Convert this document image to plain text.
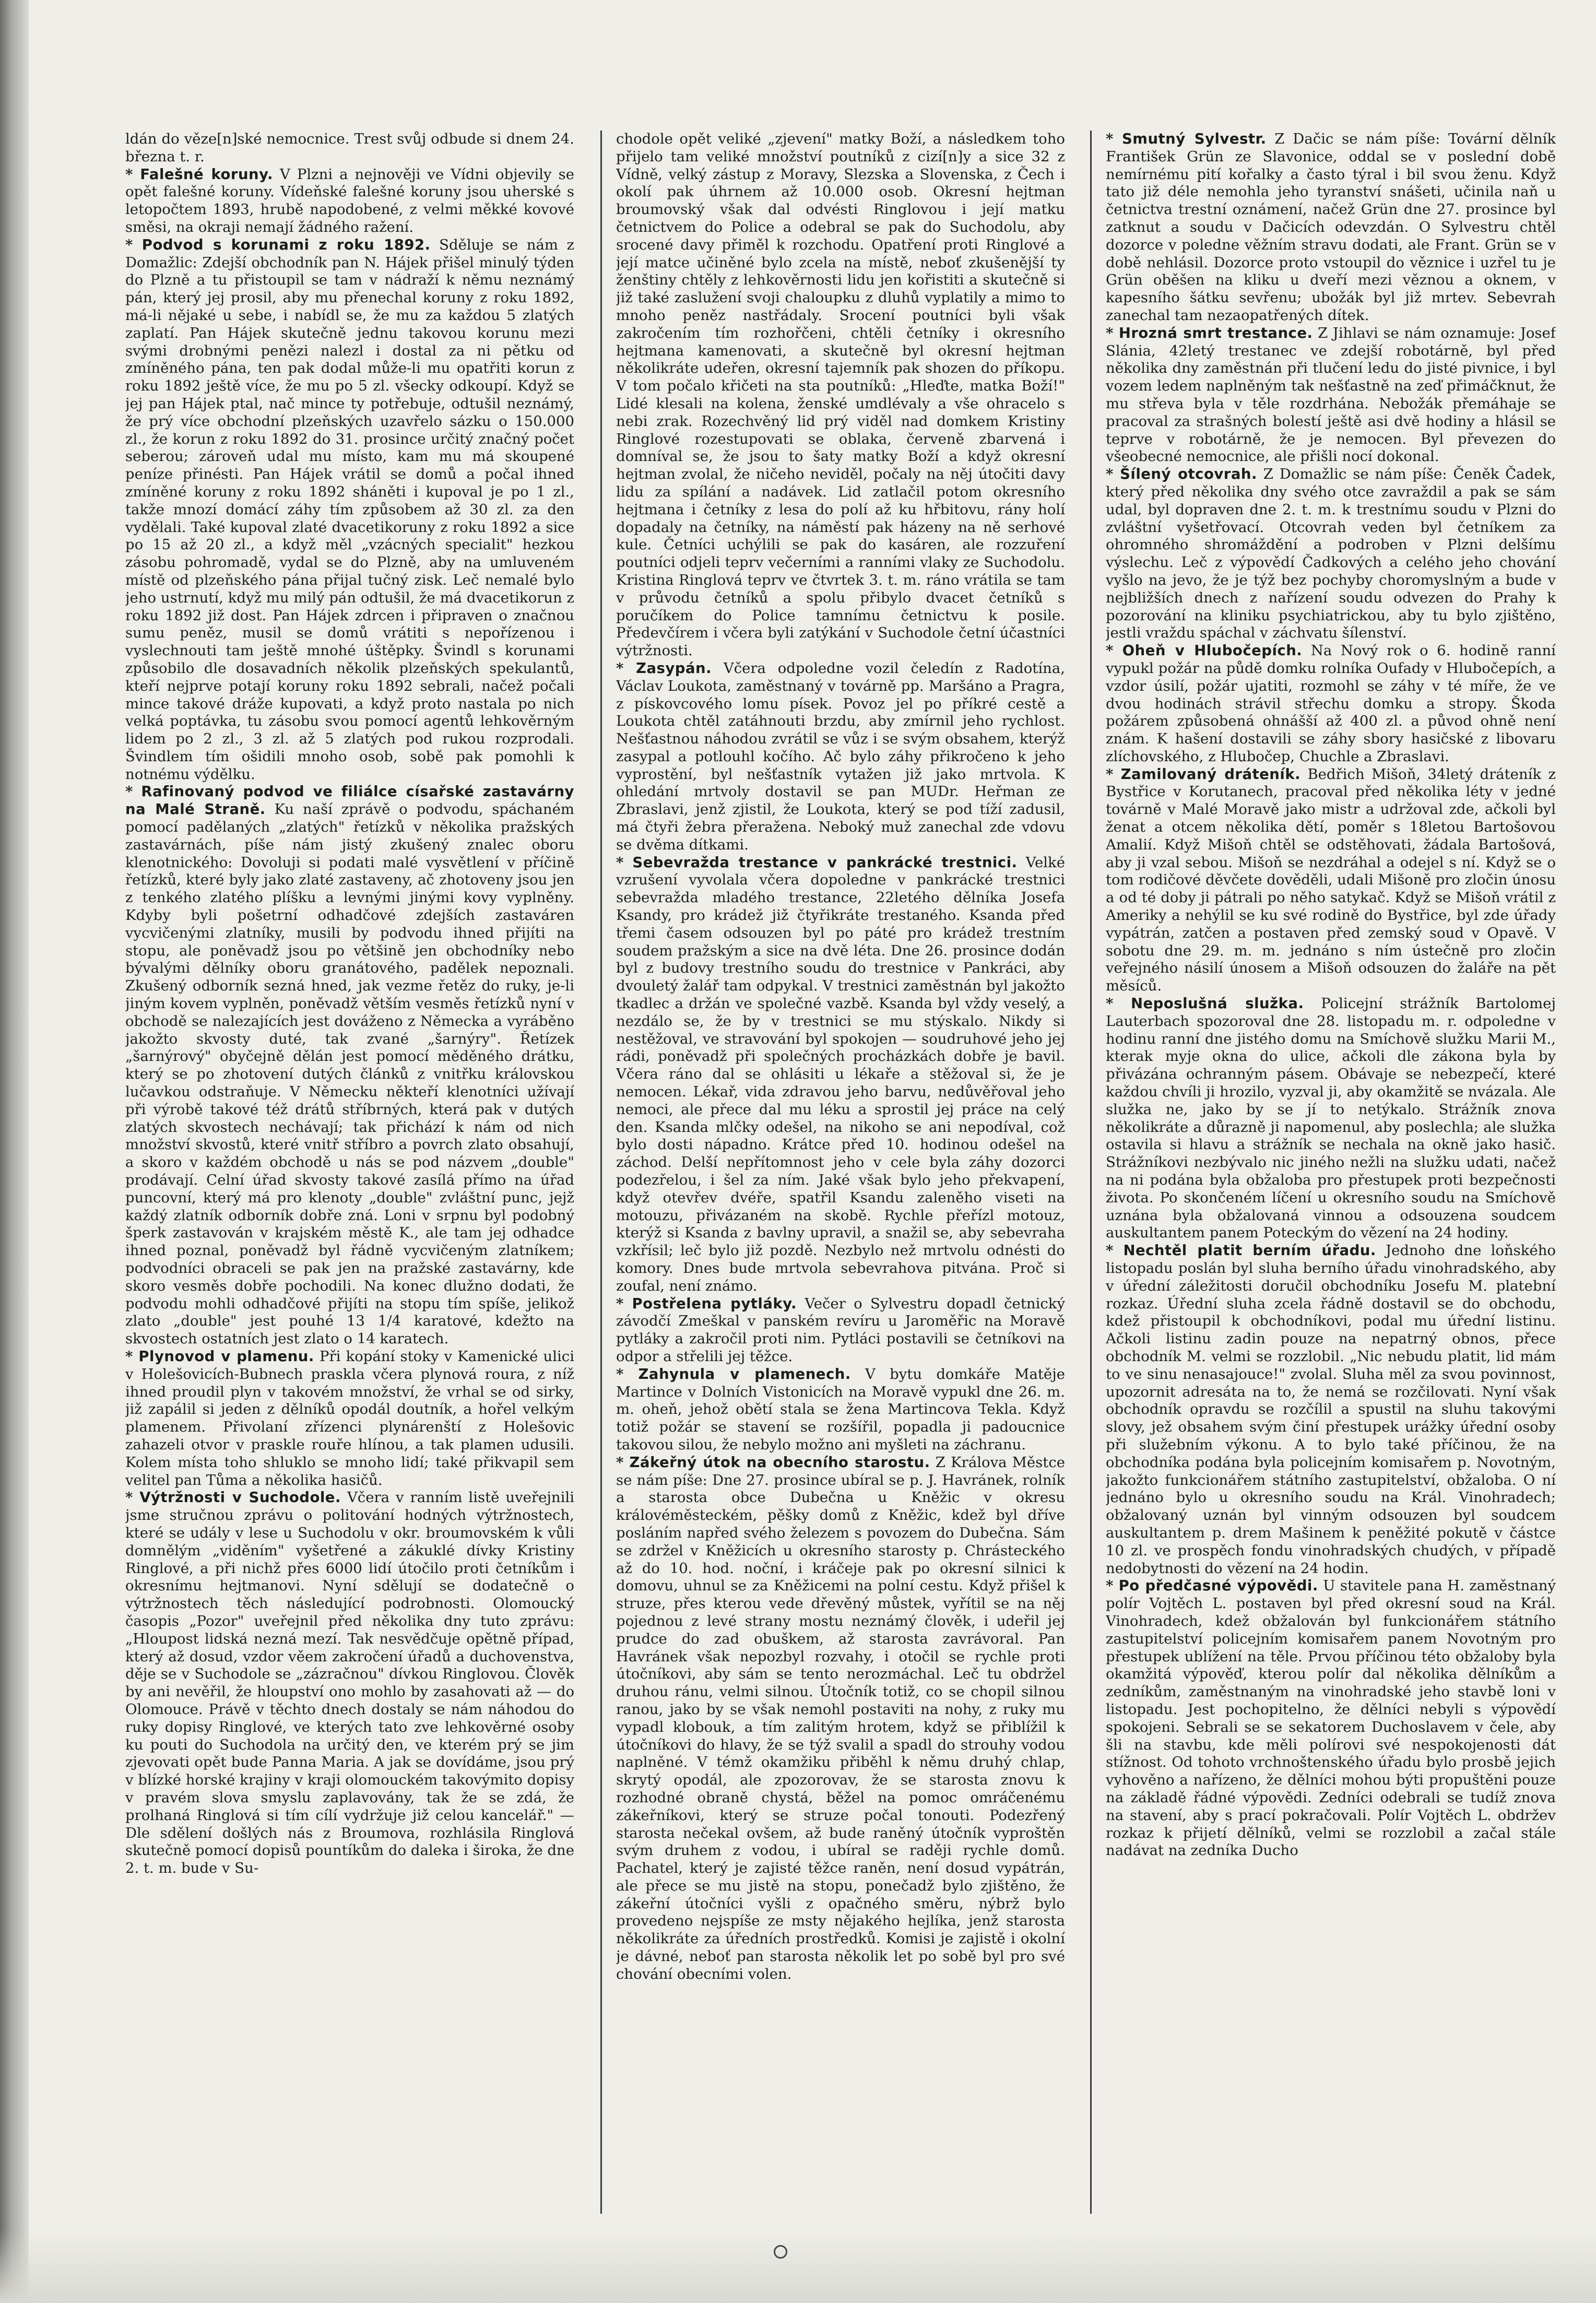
ldán do věze[n]ské nemocnice. Trest svůj odbude si dnem 24. března t. r.

* Falešné koruny. V Plzni a nejnověji ve Vídni objevily se opět falešné koruny. Vídeňské falešné koruny jsou uherské s letopočtem 1893, hrubě napodobené, z velmi měkké kovové směsi, na okraji nemají žádného ražení.

* Podvod s korunami z roku 1892. Sděluje se nám z Domažlic: Zdejší obchodník pan N. Hájek přišel minulý týden do Plzně a tu přistoupil se tam v nádraží k němu neznámý pán, který jej prosil, aby mu přenechal koruny z roku 1892, má-li nějaké u sebe, i nabídl se, že mu za každou 5 zlatých zaplatí. Pan Hájek skutečně jednu takovou korunu mezi svými drobnými penězi nalezl i dostal za ni pětku od zmíněného pána, ten pak dodal může-li mu opatřiti korun z roku 1892 ještě více, že mu po 5 zl. všecky odkoupí. Když se jej pan Hájek ptal, nač mince ty potřebuje, odtušil neznámý, že prý více obchodní plzeňských uzavřelo sázku o 150.000 zl., že korun z roku 1892 do 31. prosince určitý značný počet seberou; zároveň udal mu místo, kam mu má skoupené peníze přinésti. Pan Hájek vrátil se domů a počal ihned zmíněné koruny z roku 1892 sháněti i kupoval je po 1 zl., takže mnozí domácí záhy tím způsobem až 30 zl. za den vydělali. Také kupoval zlaté dvacetikoruny z roku 1892 a sice po 15 až 20 zl., a když měl „vzácných specialit" hezkou zásobu pohromadě, vydal se do Plzně, aby na umluveném místě od plzeňského pána přijal tučný zisk. Leč nemalé bylo jeho ustrnutí, když mu milý pán odtušil, že má dvacetikorun z roku 1892 již dost. Pan Hájek zdrcen i připraven o značnou sumu peněz, musil se domů vrátiti s nepořízenou i vyslechnouti tam ještě mnohé úštěpky. Švindl s korunami způsobilo dle dosavadních několik plzeňských spekulantů, kteří nejprve potají koruny roku 1892 sebrali, načež počali mince takové dráže kupovati, a když proto nastala po nich velká poptávka, tu zásobu svou pomocí agentů lehkověrným lidem po 2 zl., 3 zl. až 5 zlatých pod rukou rozprodali. Švindlem tím ošidili mnoho osob, sobě pak pomohli k notnému výdělku.

* Rafinovaný podvod ve filiálce císařské zastavárny na Malé Straně. Ku naší zprávě o podvodu, spáchaném pomocí padělaných „zlatých" řetízků v několika pražských zastavárnách, píše nám jistý zkušený znalec oboru klenotnického: Dovoluji si podati malé vysvětlení v příčině řetízků, které byly jako zlaté zastaveny, ač zhotoveny jsou jen z tenkého zlatého plíšku a levnými jinými kovy vyplněny. Kdyby byli pošetrní odhadčové zdejších zastaváren vycvičenými zlatníky, musili by podvodu ihned přijíti na stopu, ale poněvadž jsou po většině jen obchodníky nebo bývalými dělníky oboru granátového, padělek nepoznali. Zkušený odborník sezná hned, jak vezme řetěz do ruky, je-li jiným kovem vyplněn, poněvadž větším vesměs řetízků nyní v obchodě se nalezajících jest dováženo z Německa a vyráběno jakožto skvosty duté, tak zvané „šarnýry". Řetízek „šarnýrový" obyčejně dělán jest pomocí měděného drátku, který se po zhotovení dutých článků z vnitřku královskou lučavkou odstraňuje. V Německu někteří klenotníci užívají při výrobě takové též drátů stříbrných, která pak v dutých zlatých skvostech nechávají; tak přichází k nám od nich množství skvostů, které vnitř stříbro a povrch zlato obsahují, a skoro v každém obchodě u nás se pod názvem „double" prodávají. Celní úřad skvosty takové zasílá přímo na úřad puncovní, který má pro klenoty „double" zvláštní punc, jejž každý zlatník odborník dobře zná. Loni v srpnu byl podobný šperk zastavován v krajském městě K., ale tam jej odhadce ihned poznal, poněvadž byl řádně vycvičeným zlatníkem; podvodníci obraceli se pak jen na pražské zastavárny, kde skoro vesměs dobře pochodili. Na konec dlužno dodati, že podvodu mohli odhadčové přijíti na stopu tím spíše, jelikož zlato „double" jest pouhé 13 1/4 karatové, kdežto na skvostech ostatních jest zlato o 14 karatech.

* Plynovod v plamenu. Při kopání stoky v Kamenické ulici v Holešovicích-Bubnech praskla včera plynová roura, z níž ihned proudil plyn v takovém množství, že vrhal se od sirky, již zapálil si jeden z dělníků opodál doutník, a hořel velkým plamenem. Přivolaní zřízenci plynárenští z Holešovic zahazeli otvor v praskle rouře hlínou, a tak plamen udusili. Kolem místa toho shluklo se mnoho lidí; také přikvapil sem velitel pan Tůma a několika hasičů.

* Výtržnosti v Suchodole. Včera v ranním listě uveřejnili jsme stručnou zprávu o politování hodných výtržnostech, které se udály v lese u Suchodolu v okr. broumovském k vůli domnělým „viděním" vyšetřené a zákuklé dívky Kristiny Ringlové, a při nichž přes 6000 lidí útočilo proti četníkům i okresnímu hejtmanovi. Nyní sdělují se dodatečně o výtržnostech těch následující podrobnosti. Olomoucký časopis „Pozor" uveřejnil před několika dny tuto zprávu: „Hloupost lidská nezná mezí. Tak nesvědčuje opětně případ, který až dosud, vzdor věem zakročení úřadů a duchovenstva, děje se v Suchodole se „zázračnou" dívkou Ringlovou. Člověk by ani nevěřil, že hloupství ono mohlo by zasahovati až — do Olomouce. Právě v těchto dnech dostaly se nám náhodou do ruky dopisy Ringlové, ve kterých tato zve lehkověrné osoby ku pouti do Suchodola na určitý den, ve kterém prý se jim zjevovati opět bude Panna Maria. A jak se dovídáme, jsou prý v blízké horské krajiny v kraji olomouckém takovýmito dopisy v pravém slova smyslu zaplavovány, tak že se zdá, že prolhaná Ringlová si tím cílí vydržuje již celou kancelář." — Dle sdělení došlých nás z Broumova, rozhlásila Ringlová skutečně pomocí dopisů pountíkům do daleka i široka, že dne 2. t. m. bude v Su-

chodole opět veliké „zjevení" matky Boží, a následkem toho přijelo tam veliké množství poutníků z cizí[n]y a sice 32 z Vídně, velký zástup z Moravy, Slezska a Slovenska, z Čech i okolí pak úhrnem až 10.000 osob. Okresní hejtman broumovský však dal odvésti Ringlovou i její matku četnictvem do Police a odebral se pak do Suchodolu, aby srocené davy přiměl k rozchodu. Opatření proti Ringlové a její matce učiněné bylo zcela na místě, neboť zkušenější ty ženštiny chtěly z lehkověrnosti lidu jen kořistiti a skutečně si již také zaslužení svoji chaloupku z dluhů vyplatily a mimo to mnoho peněz nastřádaly. Srocení poutníci byli však zakročením tím rozhořčeni, chtěli četníky i okresního hejtmana kamenovati, a skutečně byl okresní hejtman několikráte udeřen, okresní tajemník pak shozen do příkopu. V tom počalo křičeti na sta poutníků: „Hleďte, matka Boží!" Lidé klesali na kolena, ženské umdlévaly a vše ohracelo s nebi zrak. Rozechvěný lid prý viděl nad domkem Kristiny Ringlové rozestupovati se oblaka, červeně zbarvená i domníval se, že jsou to šaty matky Boží a když okresní hejtman zvolal, že ničeho neviděl, počaly na něj útočiti davy lidu za spílání a nadávek. Lid zatlačil potom okresního hejtmana i četníky z lesa do polí až ku hřbitovu, rány holí dopadaly na četníky, na náměstí pak házeny na ně serhové kule. Četníci uchýlili se pak do kasáren, ale rozzuření poutníci odjeli teprv večerními a ranními vlaky ze Suchodolu. Kristina Ringlová teprv ve čtvrtek 3. t. m. ráno vrátila se tam v průvodu četníků a spolu přibylo dvacet četníků s poručíkem do Police tamnímu četnictvu k posile. Předevčírem i včera byli zatýkání v Suchodole četní účastníci výtržnosti.

* Zasypán. Včera odpoledne vozil čeledín z Radotína, Václav Loukota, zaměstnaný v továrně pp. Maršáno a Pragra, z pískovcového lomu písek. Povoz jel po příkré cestě a Loukota chtěl zatáhnouti brzdu, aby zmírnil jeho rychlost. Nešťastnou náhodou zvrátil se vůz i se svým obsahem, kterýž zasypal a potlouhl kočího. Ač bylo záhy přikročeno k jeho vyprostění, byl nešťastník vytažen již jako mrtvola. K ohledání mrtvoly dostavil se pan MUDr. Heřman ze Zbraslavi, jenž zjistil, že Loukota, který se pod tíží zadusil, má čtyři žebra přeražena. Neboký muž zanechal zde vdovu se dvěma dítkami.

* Sebevražda trestance v pankrácké trestnici. Velké vzrušení vyvolala včera dopoledne v pankrácké trestnici sebevražda mladého trestance, 22letého dělníka Josefa Ksandy, pro krádež již čtyřikráte trestaného. Ksanda před třemi časem odsouzen byl po páté pro krádež trestním soudem pražským a sice na dvě léta. Dne 26. prosince dodán byl z budovy trestního soudu do trestnice v Pankráci, aby dvouletý žalář tam odpykal. V trestnici zaměstnán byl jakožto tkadlec a držán ve společné vazbě. Ksanda byl vždy veselý, a nezdálo se, že by v trestnici se mu stýskalo. Nikdy si nestěžoval, ve stravování byl spokojen — soudruhové jeho jej rádi, poněvadž při společných procházkách dobře je bavil. Včera ráno dal se ohlásiti u lékaře a stěžoval si, že je nemocen. Lékař, vida zdravou jeho barvu, nedůvěřoval jeho nemoci, ale přece dal mu léku a sprostil jej práce na celý den. Ksanda mlčky odešel, na nikoho se ani nepodíval, což bylo dosti nápadno. Krátce před 10. hodinou odešel na záchod. Delší nepřítomnost jeho v cele byla záhy dozorci podezřelou, i šel za ním. Jaké však bylo jeho překvapení, když otevřev dvéře, spatřil Ksandu zaleněho viseti na motouzu, přivázaném na skobě. Rychle přeřízl motouz, kterýž si Ksanda z bavlny upravil, a snažil se, aby sebevraha vzkřísil; leč bylo již pozdě. Nezbylo než mrtvolu odnésti do komory. Dnes bude mrtvola sebevrahova pitvána. Proč si zoufal, není známo.

* Postřelena pytláky. Večer o Sylvestru dopadl četnický závodčí Zmeškal v panském revíru u Jaroměřic na Moravě pytláky a zakročil proti nim. Pytláci postavili se četníkovi na odpor a střelili jej těžce.

* Zahynula v plamenech. V bytu domkáře Matěje Martince v Dolních Vistonicích na Moravě vypukl dne 26. m. m. oheň, jehož obětí stala se žena Martincova Tekla. Když totiž požár se stavení se rozšířil, popadla ji padoucnice takovou silou, že nebylo možno ani myšleti na záchranu.

* Zákeřný útok na obecního starostu. Z Králova Městce se nám píše: Dne 27. prosince ubíral se p. J. Havránek, rolník a starosta obce Dubečna u Kněžic v okresu královéměsteckém, pěšky domů z Kněžic, kdež byl dříve posláním napřed svého železem s povozem do Dubečna. Sám se zdržel v Kněžicích u okresního starosty p. Chrásteckého až do 10. hod. noční, i kráčeje pak po okresní silnici k domovu, uhnul se za Kněžicemi na polní cestu. Když přišel k struze, přes kterou vede dřevěný můstek, vyřítil se na něj pojednou z levé strany mostu neznámý člověk, i udeřil jej prudce do zad obuškem, až starosta zavrávoral. Pan Havránek však nepozbyl rozvahy, i otočil se rychle proti útočníkovi, aby sám se tento nerozmáchal. Leč tu obdržel druhou ránu, velmi silnou. Útočník totiž, co se chopil silnou ranou, jako by se však nemohl postaviti na nohy, z ruky mu vypadl klobouk, a tím zalitým hrotem, když se přiblížil k útočníkovi do hlavy, že se týž svalil a spadl do strouhy vodou naplněné. V témž okamžiku přiběhl k němu druhý chlap, skrytý opodál, ale zpozorovav, že se starosta znovu k rozhodné obraně chystá, běžel na pomoc omráčenému zákeřníkovi, který se struze počal tonouti. Podezřený starosta nečekal ovšem, až bude raněný útočník vyproštěn svým druhem z vodou, i ubíral se raději rychle domů. Pachatel, který je zajisté těžce raněn, není dosud vypátrán, ale přece se mu jistě na stopu, ponečadž bylo zjištěno, že zákeřní útočníci vyšli z opačného směru, nýbrž bylo provedeno nejspíše ze msty nějakého hejlíka, jenž starosta několikráte za úředních prostředků. Komisi je zajistě i okolní je dávné, neboť pan starosta několik let po sobě byl pro své chování obecními volen.

* Smutný Sylvestr. Z Dačic se nám píše: Tovární dělník František Grün ze Slavonice, oddal se v poslední době nemírnému pití kořalky a často týral i bil svou ženu. Když tato již déle nemohla jeho tyranství snášeti, učinila naň u četnictva trestní oznámení, načež Grün dne 27. prosince byl zatknut a soudu v Dačicích odevzdán. O Sylvestru chtěl dozorce v poledne věžním stravu dodati, ale Frant. Grün se v době nehlásil. Dozorce proto vstoupil do věznice i uzřel tu je Grün oběšen na kliku u dveří mezi věznou a oknem, v kapesního šátku sevřenu; ubožák byl již mrtev. Sebevrah zanechal tam nezaopatřených dítek.

* Hrozná smrt trestance. Z Jihlavi se nám oznamuje: Josef Slánia, 42letý trestanec ve zdejší robotárně, byl před několika dny zaměstnán při tlučení ledu do jisté pivnice, i byl vozem ledem naplněným tak nešťastně na zeď přimáčknut, že mu střeva byla v těle rozdrhána. Nebožák přemáhaje se pracoval za strašných bolestí ještě asi dvě hodiny a hlásil se teprve v robotárně, že je nemocen. Byl převezen do všeobecné nemocnice, ale přišli nocí dokonal.

* Šílený otcovrah. Z Domažlic se nám píše: Čeněk Čadek, který před několika dny svého otce zavraždil a pak se sám udal, byl dopraven dne 2. t. m. k trestnímu soudu v Plzni do zvláštní vyšetřovací. Otcovrah veden byl četníkem za ohromného shromáždění a podroben v Plzni delšímu výslechu. Leč z výpovědí Čadkových a celého jeho chování vyšlo na jevo, že je týž bez pochyby choromyslným a bude v nejbližších dnech z nařízení soudu odvezen do Prahy k pozorování na kliniku psychiatrickou, aby tu bylo zjištěno, jestli vraždu spáchal v záchvatu šílenství.

* Oheň v Hlubočepích. Na Nový rok o 6. hodině ranní vypukl požár na půdě domku rolníka Oufady v Hlubočepích, a vzdor úsilí, požár ujatiti, rozmohl se záhy v té míře, že ve dvou hodinách strávil střechu domku a stropy. Škoda požárem způsobená ohnášší až 400 zl. a původ ohně není znám. K hašení dostavili se záhy sbory hasičské z libovaru zlíchovského, z Hlubočep, Chuchle a Zbraslavi.

* Zamilovaný dráteník. Bedřich Mišoň, 34letý dráteník z Bystřice v Korutanech, pracoval před několika léty v jedné továrně v Malé Moravě jako mistr a udržoval zde, ačkoli byl ženat a otcem několika dětí, poměr s 18letou Bartošovou Amalií. Když Mišoň chtěl se odstěhovati, žádala Bartošová, aby ji vzal sebou. Mišoň se nezdráhal a odejel s ní. Když se o tom rodičové děvčete dověděli, udali Mišoně pro zločin únosu a od té doby ji pátrali po něho satykač. Když se Mišoň vrátil z Ameriky a nehýlil se ku své rodině do Bystřice, byl zde úřady vypátrán, zatčen a postaven před zemský soud v Opavě. V sobotu dne 29. m. m. jednáno s ním ústečně pro zločin veřejného násilí únosem a Mišoň odsouzen do žaláře na pět měsíců.

* Neposlušná služka. Policejní strážník Bartolomej Lauterbach spozoroval dne 28. listopadu m. r. odpoledne v hodinu ranní dne jistého domu na Smíchově služku Marii M., kterak myje okna do ulice, ačkoli dle zákona byla by přivázána ochranným pásem. Obávaje se nebezpečí, které každou chvíli ji hrozilo, vyzval ji, aby okamžitě se nvázala. Ale služka ne, jako by se jí to netýkalo. Strážník znova několikráte a důrazně ji napomenul, aby poslechla; ale služka ostavila si hlavu a strážník se nechala na okně jako hasič. Strážníkovi nezbývalo nic jiného nežli na služku udati, načež na ni podána byla obžaloba pro přestupek proti bezpečnosti života. Po skončeném líčení u okresního soudu na Smíchově uznána byla obžalovaná vinnou a odsouzena soudcem auskultantem panem Poteckým do vězení na 24 hodiny.

* Nechtěl platit berním úřadu. Jednoho dne loňského listopadu poslán byl sluha berního úřadu vinohradského, aby v úřední záležitosti doručil obchodníku Josefu M. platební rozkaz. Úřední sluha zcela řádně dostavil se do obchodu, kdež přistoupil k obchodníkovi, podal mu úřední listinu. Ačkoli listinu zadin pouze na nepatrný obnos, přece obchodník M. velmi se rozzlobil. „Nic nebudu platit, lid mám to ve sinu nenasajouce!" zvolal. Sluha měl za svou povinnost, upozornit adresáta na to, že nemá se rozčilovati. Nyní však obchodník opravdu se rozčílil a spustil na sluhu takovými slovy, jež obsahem svým činí přestupek urážky úřední osoby při služebním výkonu. A to bylo také příčinou, že na obchodníka podána byla policejním komisařem p. Novotným, jakožto funkcionářem státního zastupitelství, obžaloba. O ní jednáno bylo u okresního soudu na Král. Vinohradech; obžalovaný uznán byl vinným odsouzen byl soudcem auskultantem p. drem Mašinem k peněžité pokutě v částce 10 zl. ve prospěch fondu vinohradských chudých, v případě nedobytnosti do vězení na 24 hodin.

* Po předčasné výpovědi. U stavitele pana H. zaměstnaný polír Vojtěch L. postaven byl před okresní soud na Král. Vinohradech, kdež obžalován byl funkcionářem státního zastupitelství policejním komisařem panem Novotným pro přestupek ublížení na těle. Prvou příčinou této obžaloby byla okamžitá výpověď, kterou polír dal několika dělníkům a zedníkům, zaměstnaným na vinohradské jeho stavbě loni v listopadu. Jest pochopitelno, že dělníci nebyli s výpovědí spokojeni. Sebrali se se sekatorem Duchoslavem v čele, aby šli na stavbu, kde měli polírovi své nespokojenosti dát stížnost. Od tohoto vrchnoštenského úřadu bylo prosbě jejich vyhověno a nařízeno, že dělníci mohou býti propuštěni pouze na základě řádné výpovědi. Zedníci odebrali se tudíž znova na stavení, aby s prací pokračovali. Polír Vojtěch L. obdržev rozkaz k přijetí dělníků, velmi se rozzlobil a začal stále nadávat na zedníka Ducho
